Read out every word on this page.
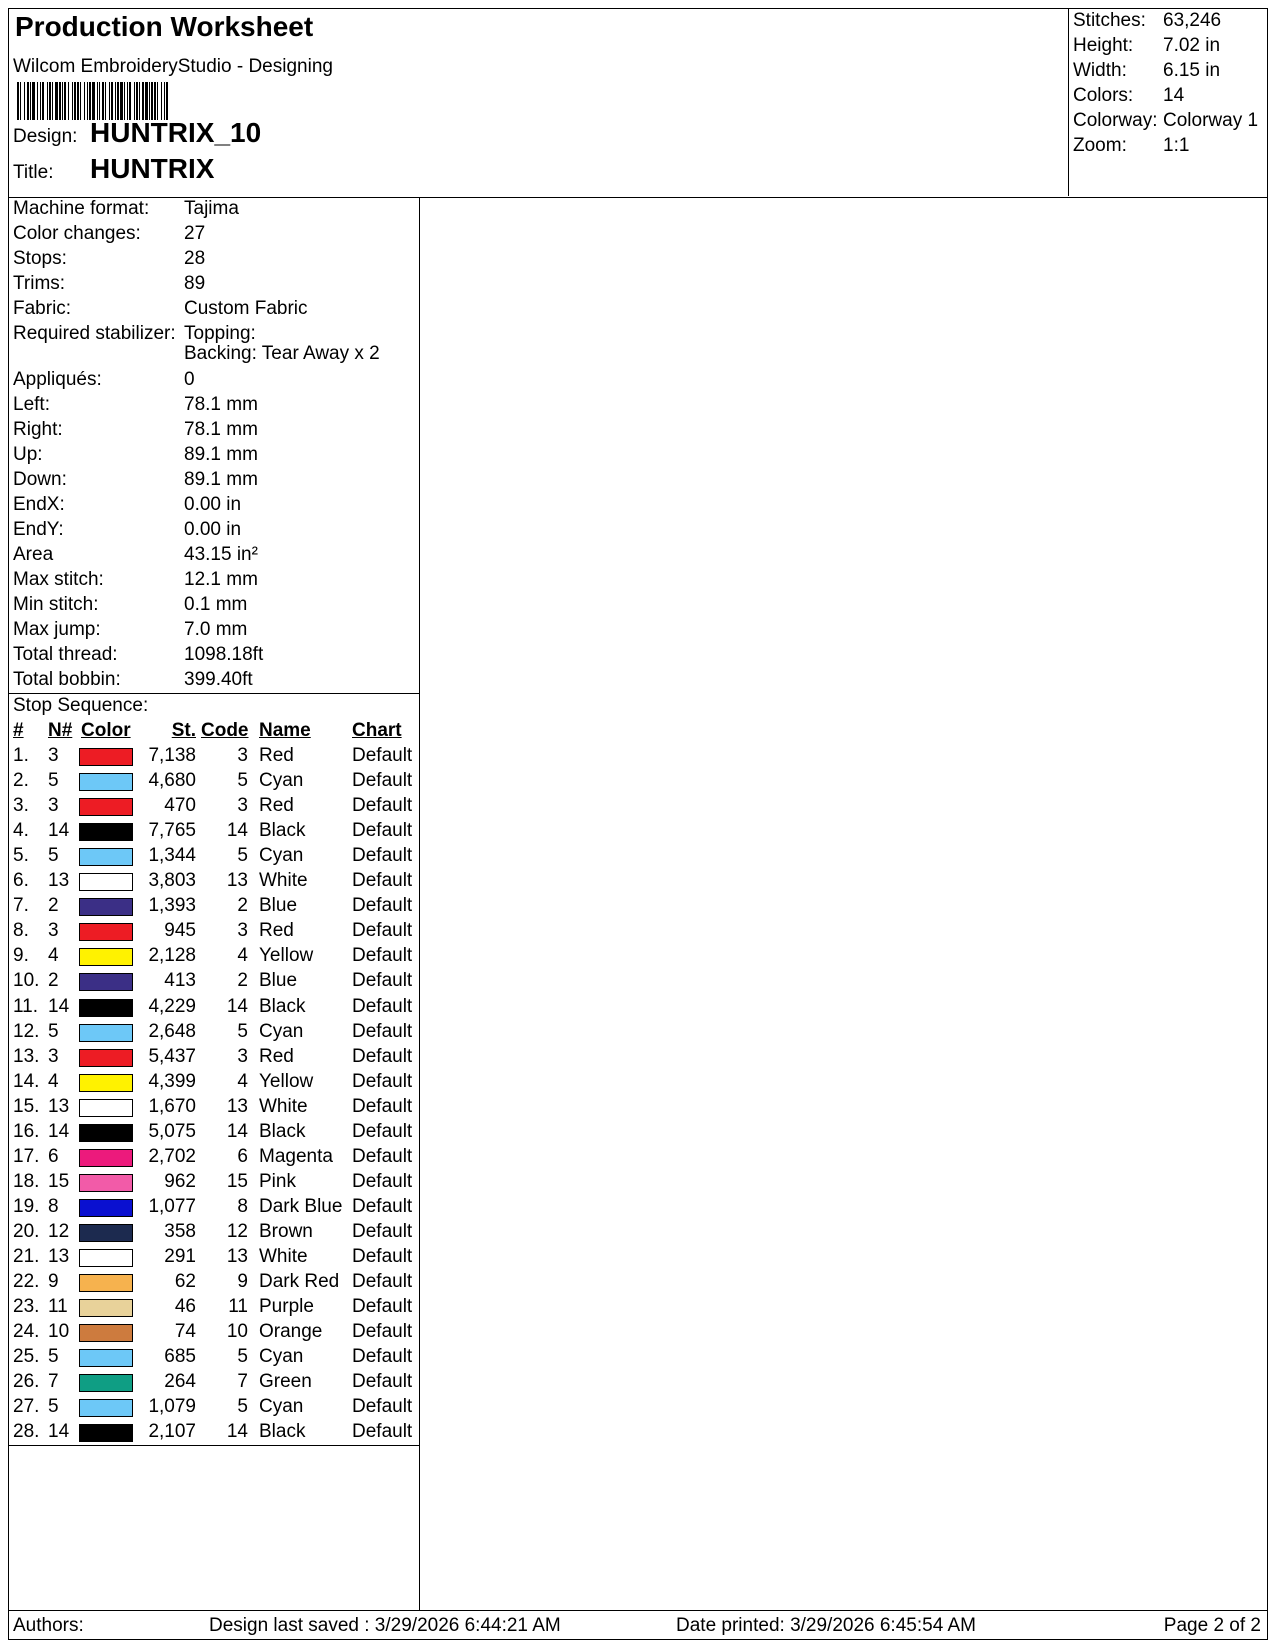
Production Worksheet
Wilcom EmbroideryStudio - Designing
Design: HUNTRIX_10
Title: HUNTRIX
Stitches: 63,246
Height: 7.02 in
Width: 6.15 in
Colors: 14
Colorway: Colorway 1
Zoom: 1:1
Machine format: Tajima
Color changes: 27
Stops:	28
Trims:	89
Fabric:	Custom Fabric
Required stabilizer: Topping:
Backing: Tear Away x 2
Appliqués:	0
Left:	78.1 mm
Right:	78.1 mm
Up:	89.1 mm
Down:	89.1 mm
EndX:	0.00 in
EndY:	0.00 in
Area	43.15 in²
Max stitch:	12.1 mm
Min stitch:	0.1 mm
Max jump:	7.0 mm
Total thread:	1098.18ft
Total bobbin:	399.40ft
Stop Sequence:
# N# Color	St. Code Name Chart
1. 3	7,138	3 Red	Default
2. 5	4,680	5 Cyan	Default
3. 3	470	3 Red	Default
4. 14	7,765	14 Black Default
5. 5	1,344	5 Cyan	Default
6. 13	3,803	13 White Default
7. 2	1,393	2 Blue	Default
8. 3	945	3 Red	Default
9. 4	2,128	4 Yellow Default
10. 2	413	2 Blue	Default
11. 14	4,229	14 Black Default
12. 5	2,648	5 Cyan	Default
13. 3	5,437	3 Red	Default
14. 4	4,399	4 Yellow Default
15. 13	1,670	13 White Default
16. 14	5,075	14 Black Default
17. 6	2,702	6 Magenta Default
18. 15	962	15 Pink	Default
19. 8	1,077	8 Dark Blue Default
20. 12	358	12 Brown Default
21. 13	291	13 White Default
22. 9	62	9 Dark Red Default
23. 11	46	11 Purple Default
24. 10	74	10 Orange Default
25. 5	685	5 Cyan	Default
26. 7	264	7 Green Default
27. 5	1,079	5 Cyan	Default
28. 14	2,107	14 Black Default
Authors:	Design last saved : 3/29/2026 6:44:21 AM	Date printed: 3/29/2026 6:45:54 AM	Page 2 of 2
